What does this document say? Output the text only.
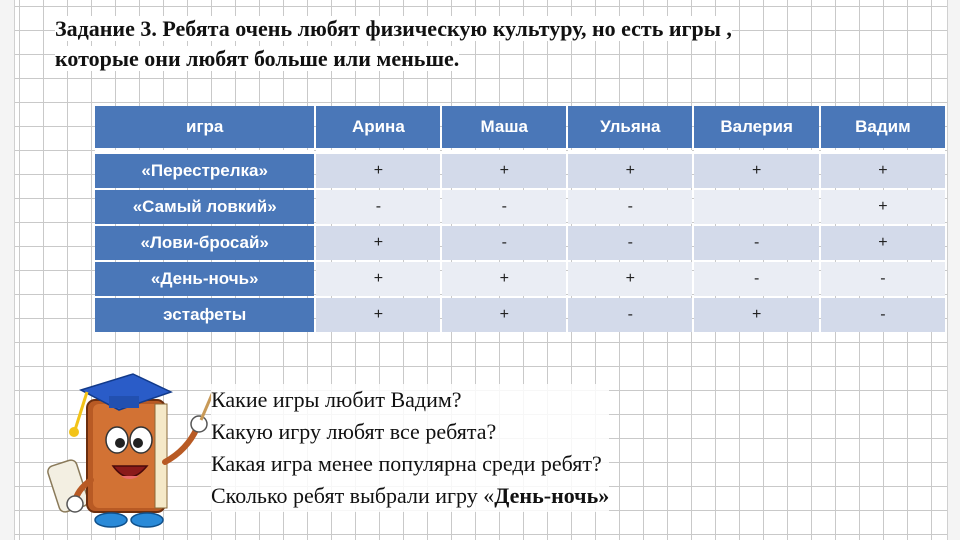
Задание 3. Ребята очень любят физическую культуру, но есть игры ,
которые они любят больше или меньше.
игра	Арина	Маша	Ульяна	Валерия	Вадим
«Перестрелка»	+	+	+	+	+
«Самый ловкий»	-	-	-		+
«Лови-бросай»	+	-	-	-	+
«День-ночь»	+	+	+	-	-
эстафеты	+	+	-	+	-
Какие игры любит Вадим?
Какую игру любят все ребята?
Какая игра менее популярна среди ребят?
Сколько ребят выбрали игру «День-ночь»
